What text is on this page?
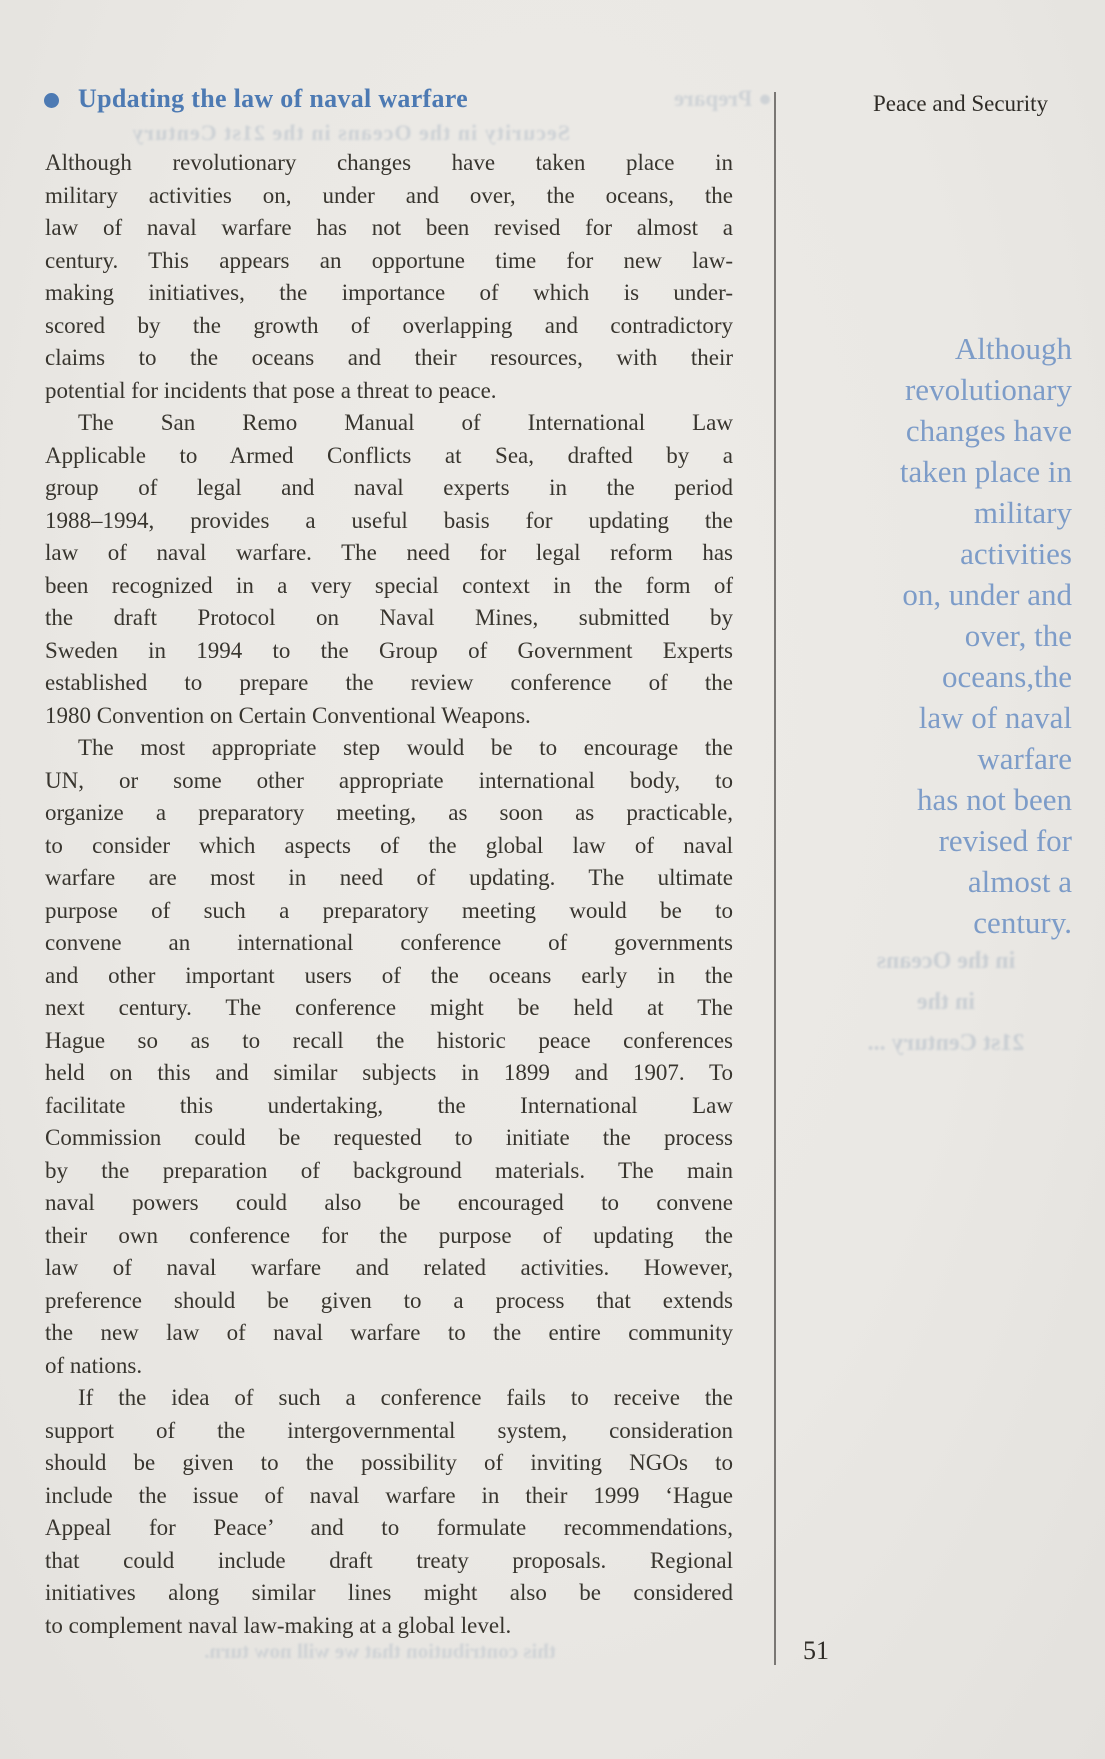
● Prepare
Security in the Oceans in the 21st Century
in the Oceans
in the
21st Century ...
this contribution that we will now turn.
Updating the law of naval warfare	Peace and Security
Although revolutionary changes have taken place in
military activities on, under and over, the oceans, the
law of naval warfare has not been revised for almost a
century. This appears an opportune time for new law-
making initiatives, the importance of which is under-
scored by the growth of overlapping and contradictory
claims to the oceans and their resources, with their
potential for incidents that pose a threat to peace.
The San Remo Manual of International Law
Applicable to Armed Conflicts at Sea, drafted by a
group of legal and naval experts in the period
1988–1994, provides a useful basis for updating the
law of naval warfare. The need for legal reform has
been recognized in a very special context in the form of
the draft Protocol on Naval Mines, submitted by
Sweden in 1994 to the Group of Government Experts
established to prepare the review conference of the
1980 Convention on Certain Conventional Weapons.
The most appropriate step would be to encourage the
UN, or some other appropriate international body, to
organize a preparatory meeting, as soon as practicable,
to consider which aspects of the global law of naval
warfare are most in need of updating. The ultimate
purpose of such a preparatory meeting would be to
convene an international conference of governments
and other important users of the oceans early in the
next century. The conference might be held at The
Hague so as to recall the historic peace conferences
held on this and similar subjects in 1899 and 1907. To
facilitate this undertaking, the International Law
Commission could be requested to initiate the process
by the preparation of background materials. The main
naval powers could also be encouraged to convene
their own conference for the purpose of updating the
law of naval warfare and related activities. However,
preference should be given to a process that extends
the new law of naval warfare to the entire community
of nations.
If the idea of such a conference fails to receive the
support of the intergovernmental system, consideration
should be given to the possibility of inviting NGOs to
include the issue of naval warfare in their 1999 ‘Hague
Appeal for Peace’ and to formulate recommendations,
that could include draft treaty proposals. Regional
initiatives along similar lines might also be considered
to complement naval law-making at a global level.
Although
revolutionary
changes have
taken place in
military
activities
on, under and
over, the
oceans,the
law of naval
warfare
has not been
revised for
almost a
century.
51
